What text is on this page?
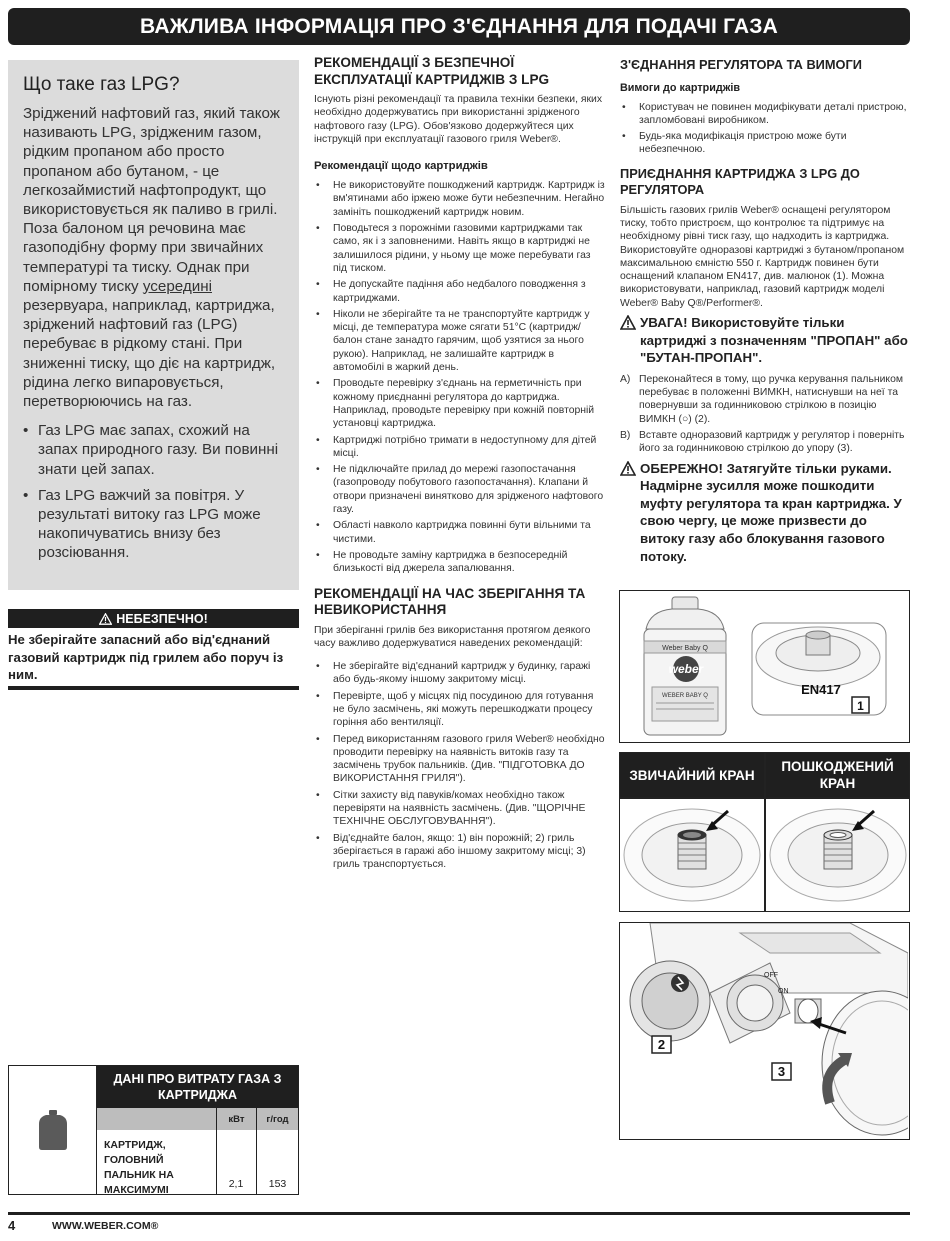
ВАЖЛИВА ІНФОРМАЦІЯ ПРО З'ЄДНАННЯ ДЛЯ ПОДАЧІ ГАЗА
Що таке газ LPG?

Зріджений нафтовий газ, який також називають LPG, зрідженим газом, рідким пропаном або просто пропаном або бутаном, - це легкозаймистий нафтопродукт, що використовується як паливо в грилі. Поза балоном ця речовина має газоподібну форму при звичайних температурі та тиску. Однак при помірному тиску усередині резервуара, наприклад, картриджа, зріджений нафтовий газ (LPG) перебуває в рідкому стані. При зниженні тиску, що діє на картридж, рідина легко випаровується, перетворюючись на газ.

• Газ LPG має запах, схожий на запах природного газу. Ви повинні знати цей запах.
• Газ LPG важчий за повітря. У результаті витоку газ LPG може накопичуватись внизу без розсіювання.
НЕБЕЗПЕЧНО!
Не зберігайте запасний або від'єднаний газовий картридж під грилем або поруч із ним.
ДАНІ ПРО ВИТРАТУ ГАЗА З КАРТРИДЖА
кВт	г/год
КАРТРИДЖ, ГОЛОВНИЙ ПАЛЬНИК НА МАКСИМУМІ	2,1	153
РЕКОМЕНДАЦІЇ З БЕЗПЕЧНОЇ ЕКСПЛУАТАЦІЇ КАРТРИДЖІВ З LPG
Існують різні рекомендації та правила техніки безпеки, яких необхідно додержуватись при використанні зрідженого нафтового газу (LPG). Обов'язково додержуйтеся цих інструкцій при експлуатації газового гриля Weber®.
Рекомендації щодо картриджів
• Не використовуйте пошкоджений картридж. Картридж із вм'ятинами або іржею може бути небезпечним. Негайно замініть пошкоджений картридж новим.
• Поводьтеся з порожніми газовими картриджами так само, як і з заповненими. Навіть якщо в картриджі не залишилося рідини, у ньому ще може перебувати газ під тиском.
• Не допускайте падіння або недбалого поводження з картриджами.
• Ніколи не зберігайте та не транспортуйте картридж у місці, де температура може сягати 51°C (картридж/балон стане занадто гарячим, щоб узятися за нього рукою). Наприклад, не залишайте картридж в автомобілі в жаркий день.
• Проводьте перевірку з'єднань на герметичність при кожному приєднанні регулятора до картриджа. Наприклад, проводьте перевірку при кожній повторній установці картриджа.
• Картриджі потрібно тримати в недоступному для дітей місці.
• Не підключайте прилад до мережі газопостачання (газопроводу побутового газопостачання). Клапани й отвори призначені винятково для зрідженого нафтового газу.
• Області навколо картриджа повинні бути вільними та чистими.
• Не проводьте заміну картриджа в безпосередній близькості від джерела запалювання.
РЕКОМЕНДАЦІЇ НА ЧАС ЗБЕРІГАННЯ ТА НЕВИКОРИСТАННЯ
При зберіганні грилів без використання протягом деякого часу важливо додержуватися наведених рекомендацій:
• Не зберігайте від'єднаний картридж у будинку, гаражі або будь-якому іншому закритому місці.
• Перевірте, щоб у місцях під посудиною для готування не було засмічень, які можуть перешкоджати процесу горіння або вентиляції.
• Перед використанням газового гриля Weber® необхідно проводити перевірку на наявність витоків газу та засмічень трубок пальників. (Див. "ПІДГОТОВКА ДО ВИКОРИСТАННЯ ГРИЛЯ").
• Сітки захисту від павуків/комах необхідно також перевіряти на наявність засмічень. (Див. "ЩОРІЧНЕ ТЕХНІЧНЕ ОБСЛУГОВУВАННЯ").
• Від'єднайте балон, якщо: 1) він порожній; 2) гриль зберігається в гаражі або іншому закритому місці; 3) гриль транспортується.
З'ЄДНАННЯ РЕГУЛЯТОРА ТА ВИМОГИ
Вимоги до картриджів
• Користувач не повинен модифікувати деталі пристрою, запломбовані виробником.
• Будь-яка модифікація пристрою може бути небезпечною.
ПРИЄДНАННЯ КАРТРИДЖА З LPG ДО РЕГУЛЯТОРА
Більшість газових грилів Weber® оснащені регулятором тиску, тобто пристроєм, що контролює та підтримує на необхідному рівні тиск газу, що надходить із картриджа. Використовуйте одноразові картриджі з бутаном/пропаном максимальною ємністю 550 г. Картридж повинен бути оснащений клапаном EN417, див. малюнок (1). Можна використовувати, наприклад, газовий картридж моделі Weber® Baby Q®/Performer®.
УВАГА! Використовуйте тільки картриджі з позначенням "ПРОПАН" або "БУТАН-ПРОПАН".
A) Переконайтеся в тому, що ручка керування пальником перебуває в положенні ВИМКН, натиснувши на неї та повернувши за годинниковою стрілкою в позицію ВИМКН (○) (2).
B) Вставте одноразовий картридж у регулятор і поверніть його за годинниковою стрілкою до упору (3).
ОБЕРЕЖНО! Затягуйте тільки руками. Надмірне зусилля може пошкодити муфту регулятора та кран картриджа. У свою чергу, це може призвести до витоку газу або блокування газового потоку.
Weber Baby Q
weber
WEBER BABY Q	EN417
1
ЗВИЧАЙНИЙ КРАН
ПОШКОДЖЕНИЙ КРАН
OFF
ON
2
3
4	WWW.WEBER.COM®
